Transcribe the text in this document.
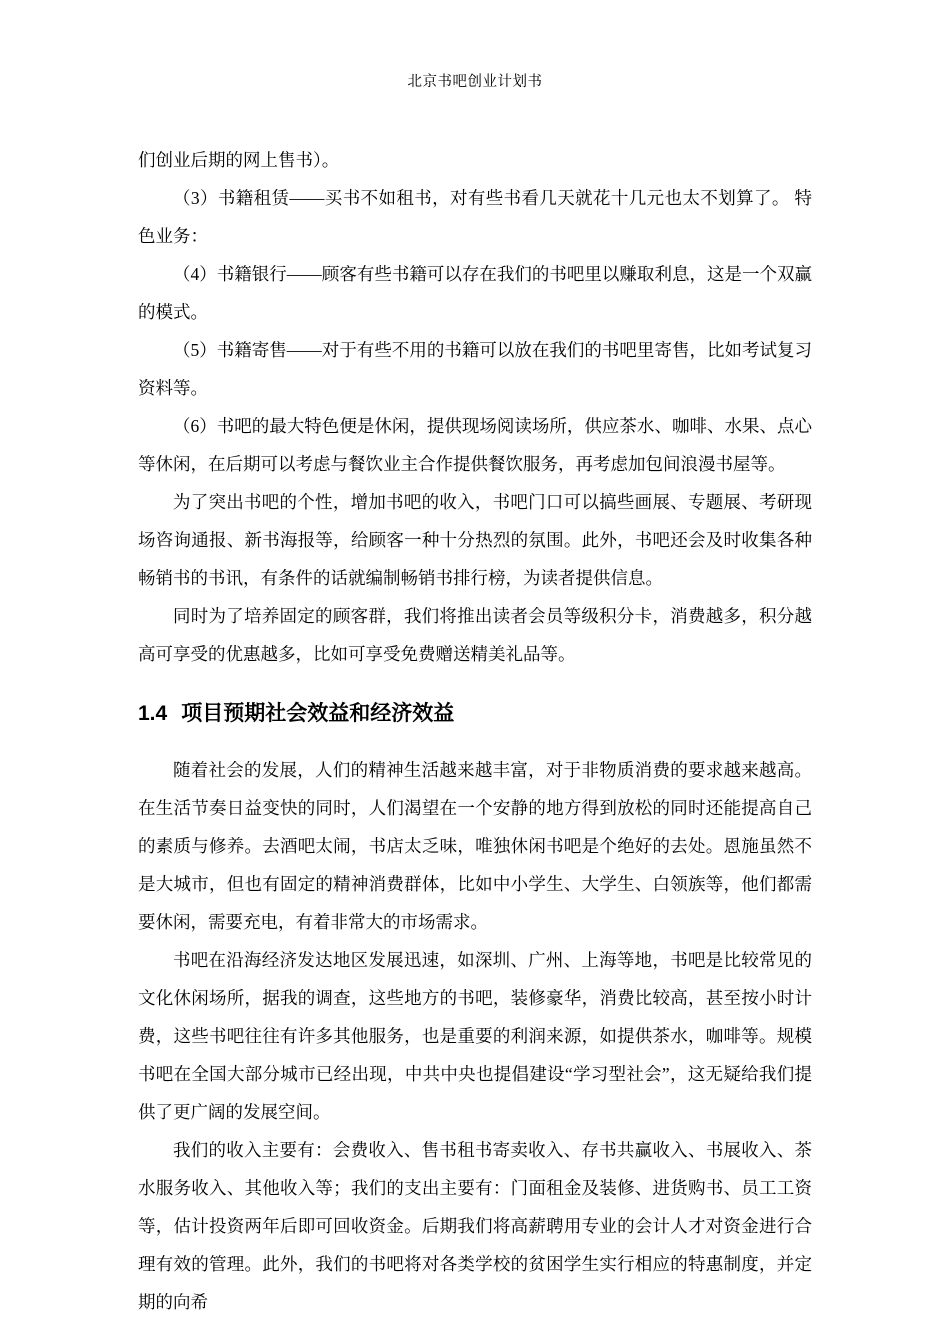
北京书吧创业计划书

们创业后期的网上售书）。

（3）书籍租赁——买书不如租书，对有些书看几天就花十几元也太不划算了。 特色业务：

（4）书籍银行——顾客有些书籍可以存在我们的书吧里以赚取利息，这是一个双赢的模式。

（5）书籍寄售——对于有些不用的书籍可以放在我们的书吧里寄售，比如考试复习资料等。

（6）书吧的最大特色便是休闲，提供现场阅读场所，供应茶水、咖啡、水果、点心等休闲，在后期可以考虑与餐饮业主合作提供餐饮服务，再考虑加包间浪漫书屋等。

为了突出书吧的个性，增加书吧的收入，书吧门口可以搞些画展、专题展、考研现场咨询通报、新书海报等，给顾客一种十分热烈的氛围。此外，书吧还会及时收集各种畅销书的书讯，有条件的话就编制畅销书排行榜，为读者提供信息。

同时为了培养固定的顾客群，我们将推出读者会员等级积分卡，消费越多，积分越高可享受的优惠越多，比如可享受免费赠送精美礼品等。

1.4 项目预期社会效益和经济效益

随着社会的发展，人们的精神生活越来越丰富，对于非物质消费的要求越来越高。在生活节奏日益变快的同时，人们渴望在一个安静的地方得到放松的同时还能提高自己的素质与修养。去酒吧太闹，书店太乏味，唯独休闲书吧是个绝好的去处。恩施虽然不是大城市，但也有固定的精神消费群体，比如中小学生、大学生、白领族等，他们都需要休闲，需要充电，有着非常大的市场需求。

书吧在沿海经济发达地区发展迅速，如深圳、广州、上海等地，书吧是比较常见的文化休闲场所，据我的调查，这些地方的书吧，装修豪华，消费比较高，甚至按小时计费，这些书吧往往有许多其他服务，也是重要的利润来源，如提供茶水，咖啡等。规模书吧在全国大部分城市已经出现，中共中央也提倡建设“学习型社会”，这无疑给我们提供了更广阔的发展空间。

我们的收入主要有：会费收入、售书租书寄卖收入、存书共赢收入、书展收入、茶水服务收入、其他收入等；我们的支出主要有：门面租金及装修、进货购书、员工工资等，估计投资两年后即可回收资金。后期我们将高薪聘用专业的会计人才对资金进行合理有效的管理。此外，我们的书吧将对各类学校的贫困学生实行相应的特惠制度，并定期的向希
